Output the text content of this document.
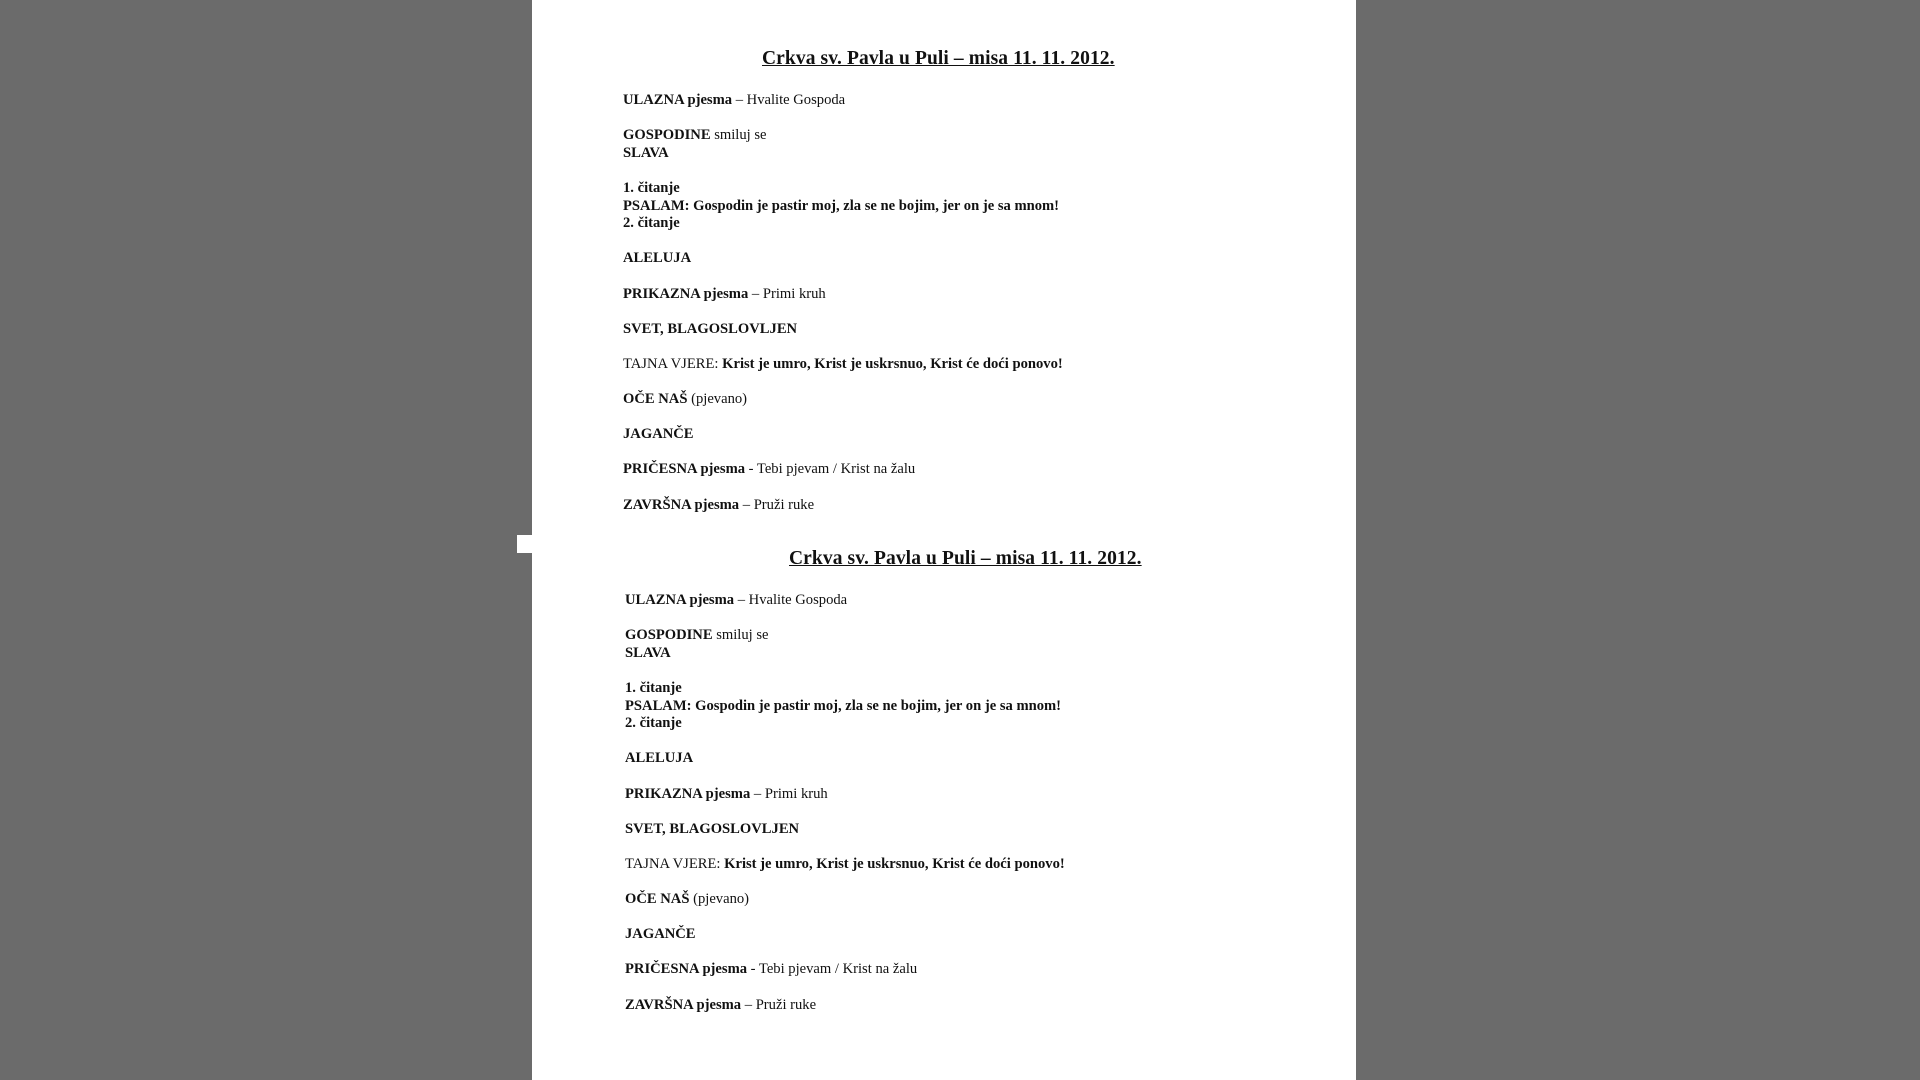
Crkva sv. Pavla u Puli – misa 11. 11. 2012.
ULAZNA pjesma – Hvalite Gospoda
GOSPODINE smiluj se
SLAVA
1. čitanje
PSALAM: Gospodin je pastir moj, zla se ne bojim, jer on je sa mnom!
2. čitanje
ALELUJA
PRIKAZNA pjesma – Primi kruh
SVET, BLAGOSLOVLJEN
TAJNA VJERE: Krist je umro, Krist je uskrsnuo, Krist će doći ponovo!
OČE NAŠ (pjevano)
JAGANČE
PRIČESNA pjesma - Tebi pjevam / Krist na žalu
ZAVRŠNA pjesma – Pruži ruke
Crkva sv. Pavla u Puli – misa 11. 11. 2012.
ULAZNA pjesma – Hvalite Gospoda
GOSPODINE smiluj se
SLAVA
1. čitanje
PSALAM: Gospodin je pastir moj, zla se ne bojim, jer on je sa mnom!
2. čitanje
ALELUJA
PRIKAZNA pjesma – Primi kruh
SVET, BLAGOSLOVLJEN
TAJNA VJERE: Krist je umro, Krist je uskrsnuo, Krist će doći ponovo!
OČE NAŠ (pjevano)
JAGANČE
PRIČESNA pjesma - Tebi pjevam / Krist na žalu
ZAVRŠNA pjesma – Pruži ruke
